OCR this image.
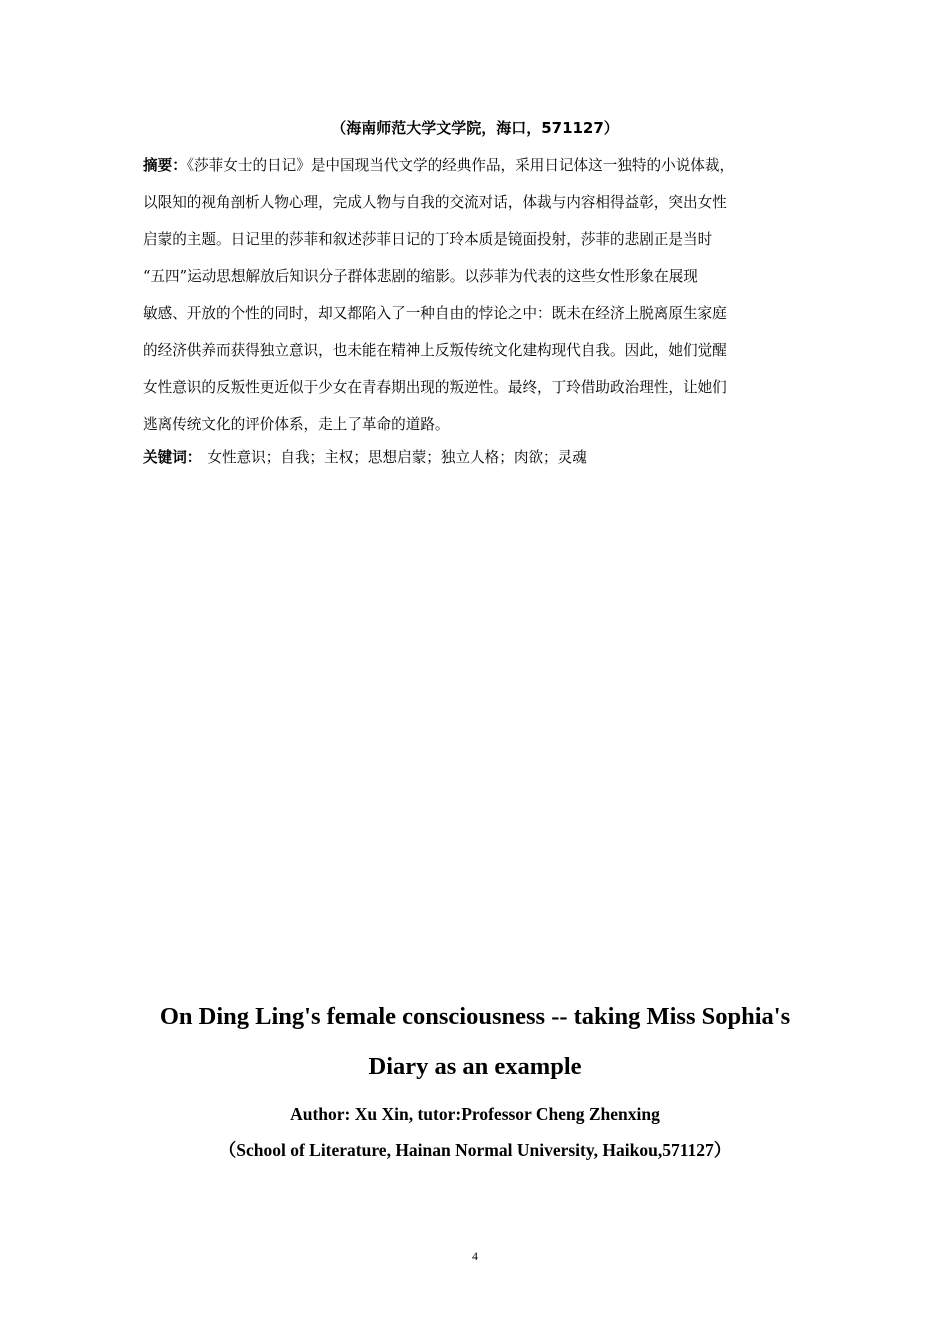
（海南师范大学文学院，海口，571127）
摘要：《莎菲女士的日记》是中国现当代文学的经典作品，采用日记体这一独特的小说体裁，
以限知的视角剖析人物心理，完成人物与自我的交流对话，体裁与内容相得益彰，突出女性
启蒙的主题。日记里的莎菲和叙述莎菲日记的丁玲本质是镜面投射，莎菲的悲剧正是当时
“五四”运动思想解放后知识分子群体悲剧的缩影。以莎菲为代表的这些女性形象在展现
敏感、开放的个性的同时，却又都陷入了一种自由的悖论之中：既未在经济上脱离原生家庭
的经济供养而获得独立意识，也未能在精神上反叛传统文化建构现代自我。因此，她们觉醒
女性意识的反叛性更近似于少女在青春期出现的叛逆性。最终，丁玲借助政治理性，让她们
逃离传统文化的评价体系，走上了革命的道路。
关键词： 女性意识；自我；主权；思想启蒙；独立人格；肉欲；灵魂
On Ding Ling's female consciousness -- taking Miss Sophia's
Diary as an example
Author: Xu Xin, tutor:Professor Cheng Zhenxing
（School of Literature, Hainan Normal University, Haikou,571127）
4
